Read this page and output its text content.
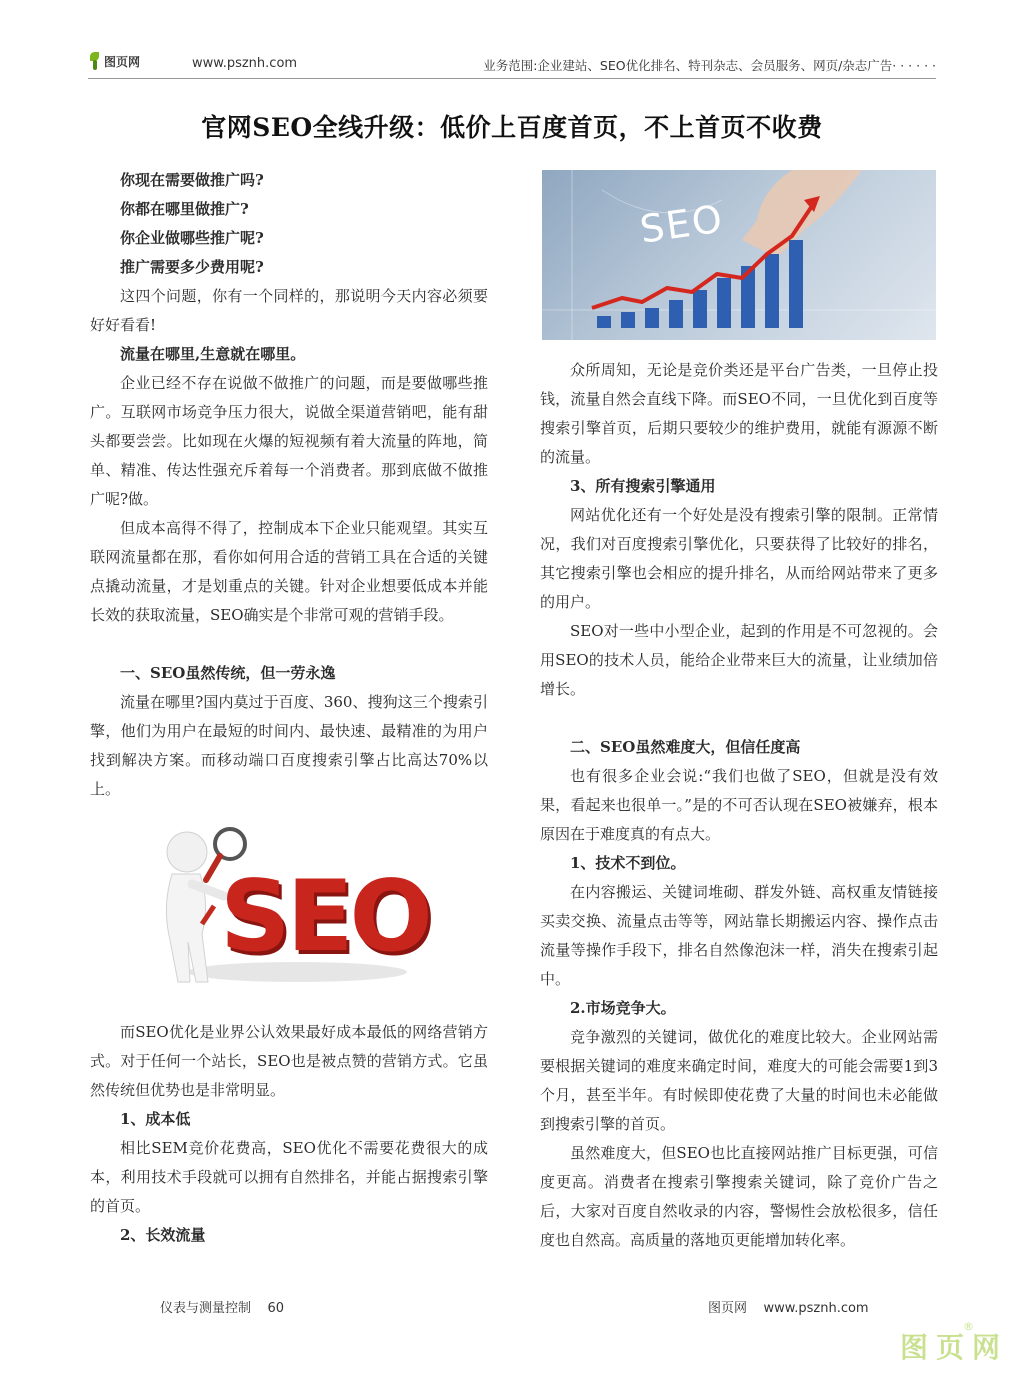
图页网	www.psznh.com	业务范围:企业建站、SEO优化排名、特刊杂志、会员服务、网页/杂志广告· · · · · ·
官网SEO全线升级：低价上百度首页，不上首页不收费

你现在需要做推广吗?

你都在哪里做推广?

你企业做哪些推广呢?

推广需要多少费用呢?

这四个问题，你有一个同样的，那说明今天内容必须要好好看看!

流量在哪里,生意就在哪里。

企业已经不存在说做不做推广的问题，而是要做哪些推广。互联网市场竞争压力很大，说做全渠道营销吧，能有甜头都要尝尝。比如现在火爆的短视频有着大流量的阵地，简单、精准、传达性强充斥着每一个消费者。那到底做不做推广呢?做。

但成本高得不得了，控制成本下企业只能观望。其实互联网流量都在那，看你如何用合适的营销工具在合适的关键点撬动流量，才是划重点的关键。针对企业想要低成本并能长效的获取流量，SEO确实是个非常可观的营销手段。

一、SEO虽然传统，但一劳永逸

流量在哪里?国内莫过于百度、360、搜狗这三个搜索引擎，他们为用户在最短的时间内、最快速、最精准的为用户找到解决方案。而移动端口百度搜索引擎占比高达70%以上。

SEO

而SEO优化是业界公认效果最好成本最低的网络营销方式。对于任何一个站长，SEO也是被点赞的营销方式。它虽然传统但优势也是非常明显。

1、成本低

相比SEM竞价花费高，SEO优化不需要花费很大的成本，利用技术手段就可以拥有自然排名，并能占据搜索引擎的首页。

2、长效流量

SEO

众所周知，无论是竞价类还是平台广告类，一旦停止投钱，流量自然会直线下降。而SEO不同，一旦优化到百度等搜索引擎首页，后期只要较少的维护费用，就能有源源不断的流量。

3、所有搜索引擎通用

网站优化还有一个好处是没有搜索引擎的限制。正常情况，我们对百度搜索引擎优化，只要获得了比较好的排名，其它搜索引擎也会相应的提升排名，从而给网站带来了更多的用户。

SEO对一些中小型企业，起到的作用是不可忽视的。会用SEO的技术人员，能给企业带来巨大的流量，让业绩加倍增长。

二、SEO虽然难度大，但信任度高

也有很多企业会说:“我们也做了SEO，但就是没有效果，看起来也很单一。”是的不可否认现在SEO被嫌弃，根本原因在于难度真的有点大。

1、技术不到位。

在内容搬运、关键词堆砌、群发外链、高权重友情链接买卖交换、流量点击等等，网站靠长期搬运内容、操作点击流量等操作手段下，排名自然像泡沫一样，消失在搜索引起中。

2.市场竞争大。

竞争激烈的关键词，做优化的难度比较大。企业网站需要根据关键词的难度来确定时间，难度大的可能会需要1到3个月，甚至半年。有时候即使花费了大量的时间也未必能做到搜索引擎的首页。

虽然难度大，但SEO也比直接网站推广目标更强，可信度更高。消费者在搜索引擎搜索关键词，除了竞价广告之后，大家对百度自然收录的内容，警惕性会放松很多，信任度也自然高。高质量的落地页更能增加转化率。

仪表与测量控制    60	图页网    www.psznh.com
图页网
®
